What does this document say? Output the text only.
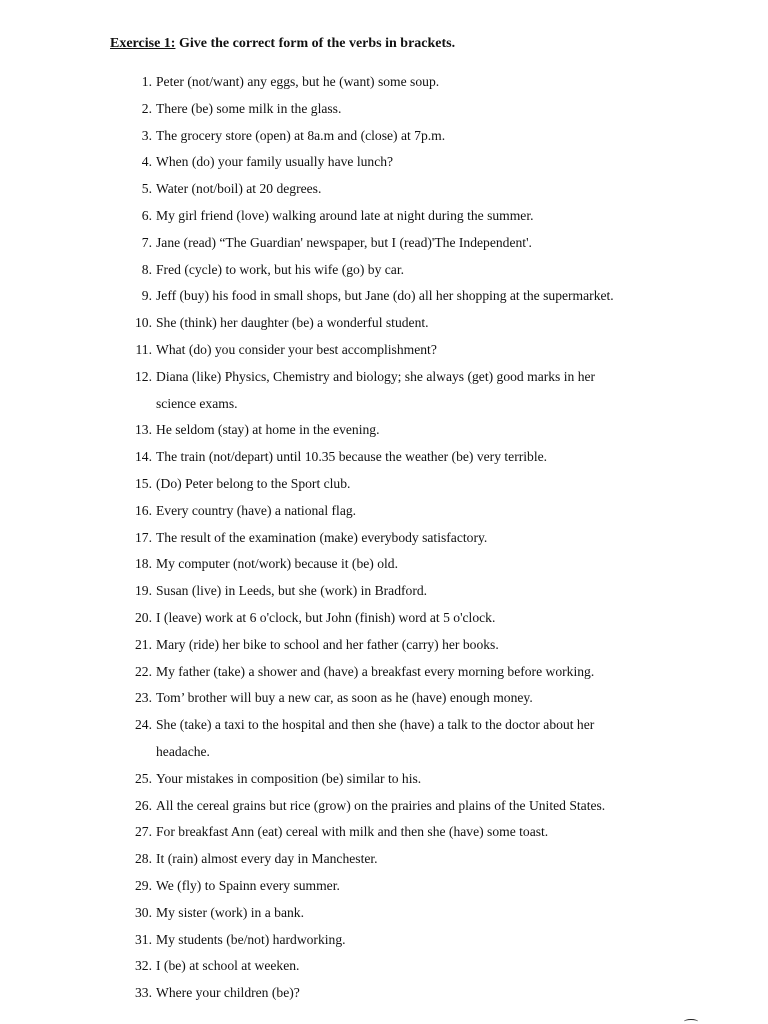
Exercise 1: Give the correct form of the verbs in brackets.
1. Peter (not/want) any eggs, but he (want) some soup.
2. There (be) some milk in the glass.
3. The grocery store (open) at 8a.m and (close) at 7p.m.
4. When (do) your family usually have lunch?
5. Water (not/boil) at 20 degrees.
6. My girl friend (love) walking around late at night during the summer.
7. Jane (read) “The Guardian' newspaper, but I (read)'The Independent'.
8. Fred (cycle) to work, but his wife (go) by car.
9. Jeff (buy) his food in small shops, but Jane (do) all her shopping at the supermarket.
10. She (think) her daughter (be) a wonderful student.
11. What (do) you consider your best accomplishment?
12. Diana (like) Physics, Chemistry and biology; she always (get) good marks in her
science exams.
13. He seldom (stay) at home in the evening.
14. The train (not/depart) until 10.35 because the weather (be) very terrible.
15. (Do) Peter belong to the Sport club.
16. Every country (have) a national flag.
17. The result of the examination (make) everybody satisfactory.
18. My computer (not/work) because it (be) old.
19. Susan (live) in Leeds, but she (work) in Bradford.
20. I (leave) work at 6 o'clock, but John (finish) word at 5 o'clock.
21. Mary (ride) her bike to school and her father (carry) her books.
22. My father (take) a shower and (have) a breakfast every morning before working.
23. Tom’ brother will buy a new car, as soon as he (have) enough money.
24. She (take) a taxi to the hospital and then she (have) a talk to the doctor about her
headache.
25. Your mistakes in composition (be) similar to his.
26. All the cereal grains but rice (grow) on the prairies and plains of the United States.
27. For breakfast Ann (eat) cereal with milk and then she (have) some toast.
28. It (rain) almost every day in Manchester.
29. We (fly) to Spainn every summer.
30. My sister (work) in a bank.
31. My students (be/not) hardworking.
32. I (be) at school at weeken.
33. Where your children (be)?
